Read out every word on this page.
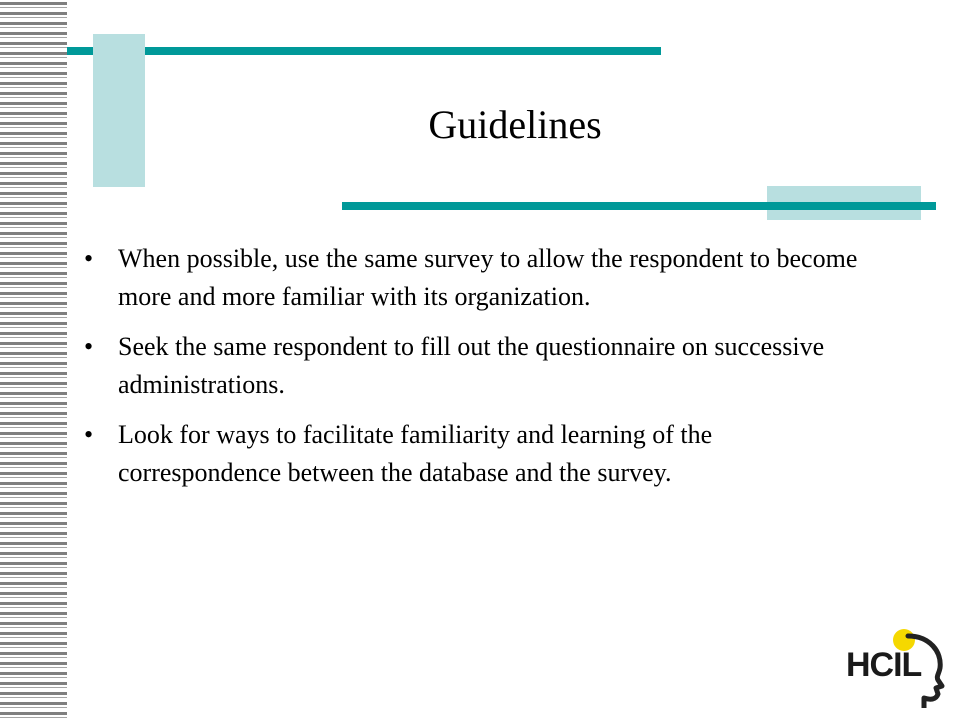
Guidelines
• When possible, use the same survey to allow the respondent to become more and more familiar with its organization.
• Seek the same respondent to fill out the questionnaire on successive administrations.
• Look for ways to facilitate familiarity and learning of the correspondence between the database and the survey.
HCIL
